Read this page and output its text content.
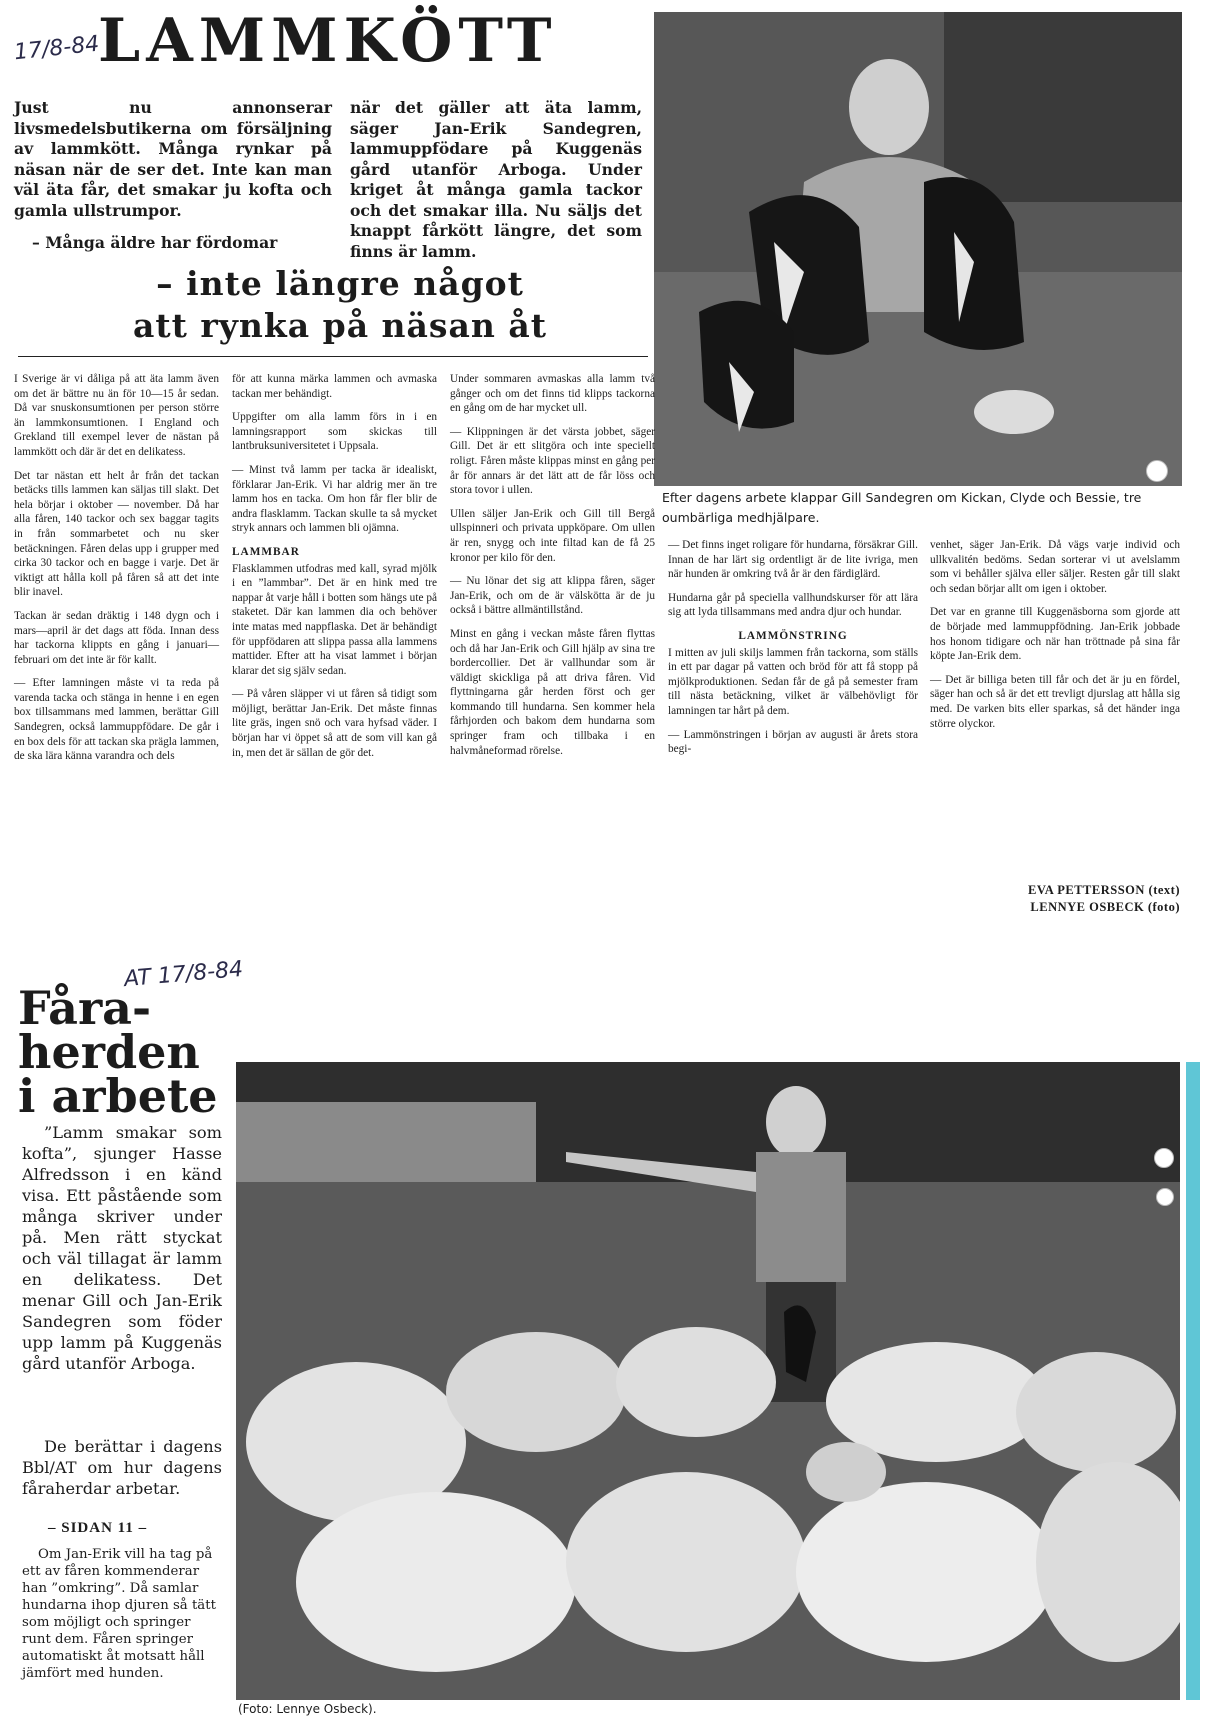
17/8-84
LAMMKÖTT
Just nu annonserar livsmedelsbutikerna om försäljning av lammkött. Många rynkar på näsan när de ser det. Inte kan man väl äta får, det smakar ju kofta och gamla ullstrumpor.
– Många äldre har fördomar
när det gäller att äta lamm, säger Jan-Erik Sandegren, lammuppfödare på Kuggenäs gård utanför Arboga. Under kriget åt många gamla tackor och det smakar illa. Nu säljs det knappt fårkött längre, det som finns är lamm.
– inte längre något
att rynka på näsan åt
Efter dagens arbete klappar Gill Sandegren om Kickan, Clyde och Bessie, tre oumbärliga medhjälpare.
I Sverige är vi dåliga på att äta lamm även om det är bättre nu än för 10—15 år sedan. Då var snuskonsumtionen per person större än lammkonsumtionen. I England och Grekland till exempel lever de nästan på lammkött och där är det en delikatess.
Det tar nästan ett helt år från det tackan betäcks tills lammen kan säljas till slakt. Det hela börjar i oktober — november. Då har alla fåren, 140 tackor och sex baggar tagits in från sommarbetet och nu sker betäckningen. Fåren delas upp i grupper med cirka 30 tackor och en bagge i varje. Det är viktigt att hålla koll på fåren så att det inte blir inavel.
Tackan är sedan dräktig i 148 dygn och i mars—april är det dags att föda. Innan dess har tackorna klippts en gång i januari—februari om det inte är för kallt.
— Efter lamningen måste vi ta reda på varenda tacka och stänga in henne i en egen box tillsammans med lammen, berättar Gill Sandegren, också lammuppfödare. De går i en box dels för att tackan ska präglа lammen, de ska lära känna varandra och dels
för att kunna märka lammen och avmaska tackan mer behändigt.
Uppgifter om alla lamm förs in i en lamningsrapport som skickas till lantbruksuniversitetet i Uppsala.
— Minst två lamm per tacka är idealiskt, förklarar Jan-Erik. Vi har aldrig mer än tre lamm hos en tacka. Om hon får fler blir de andra flasklamm. Tackan skulle ta så mycket stryk annars och lammen bli ojämna.
LAMMBAR
Flasklammen utfodras med kall, syrad mjölk i en ”lammbar”. Det är en hink med tre nappar åt varje håll i botten som hängs ute på staketet. Där kan lammen dia och behöver inte matas med nappflaska. Det är behändigt för uppfödaren att slippa passa alla lammens mattider. Efter att ha visat lammet i början klarar det sig själv sedan.
— På våren släpper vi ut fåren så tidigt som möjligt, berättar Jan-Erik. Det måste finnas lite gräs, ingen snö och vara hyfsad väder. I början har vi öppet så att de som vill kan gå in, men det är sällan de gör det.
Under sommaren avmaskas alla lamm två gånger och om det finns tid klipps tackorna en gång om de har mycket ull.
— Klippningen är det värsta jobbet, säger Gill. Det är ett slitgöra och inte speciellt roligt. Fåren måste klippas minst en gång per år för annars är det lätt att de får löss och stora tovor i ullen.
Ullen säljer Jan-Erik och Gill till Bergå ullspinneri och privata uppköpare. Om ullen är ren, snygg och inte filtad kan de få 25 kronor per kilo för den.
— Nu lönar det sig att klippa fåren, säger Jan-Erik, och om de är välskötta är de ju också i bättre allmäntillstånd.
Minst en gång i veckan måste fåren flyttas och då har Jan-Erik och Gill hjälp av sina tre bordercollier. Det är vallhundar som är väldigt skickliga på att driva fåren. Vid flyttningarna går herden först och ger kommando till hundarna. Sen kommer hela fårhjorden och bakom dem hundarna som springer fram och tillbaka i en halvmåneformad rörelse.
— Det finns inget roligare för hundarna, försäkrar Gill. Innan de har lärt sig ordentligt är de lite ivriga, men när hunden är omkring två år är den färdiglärd.
Hundarna går på speciella vallhundskurser för att lära sig att lyda tillsammans med andra djur och hundar.
LAMMÖNSTRING
I mitten av juli skiljs lammen från tackorna, som ställs in ett par dagar på vatten och bröd för att få stopp på mjölkproduktionen. Sedan får de gå på semester fram till nästa betäckning, vilket är välbehövligt för lamningen tar hårt på dem.
— Lammönstringen i början av augusti är årets stora begi-
venhet, säger Jan-Erik. Då vägs varje individ och ullkvalitén bedöms. Sedan sorterar vi ut avelslamm som vi behåller själva eller säljer. Resten går till slakt och sedan börjar allt om igen i oktober.
Det var en granne till Kuggenäsborna som gjorde att de började med lammuppfödning. Jan-Erik jobbade hos honom tidigare och när han tröttnade på sina får köpte Jan-Erik dem.
— Det är billiga beten till får och det är ju en fördel, säger han och så är det ett trevligt djurslag att hålla sig med. De varken bits eller sparkas, så det händer inga större olyckor.
EVA PETTERSSON (text)
LENNYE OSBECK (foto)
AT 17/8-84
Fåra-
herden
i arbete
”Lamm smakar som kofta”, sjunger Hasse Alfredsson i en känd visa. Ett påstående som många skriver under på. Men rätt styckat och väl tillagat är lamm en delikatess. Det menar Gill och Jan-Erik Sandegren som föder upp lamm på Kuggenäs gård utanför Arboga.
De berättar i dagens Bbl/AT om hur dagens fåraherdar arbetar.
– SIDAN 11 –
Om Jan-Erik vill ha tag på ett av fåren kommenderar han ”omkring”. Då samlar hundarna ihop djuren så tätt som möjligt och springer runt dem. Fåren springer automatiskt åt motsatt håll jämfört med hunden.
(Foto: Lennye Osbeck).
